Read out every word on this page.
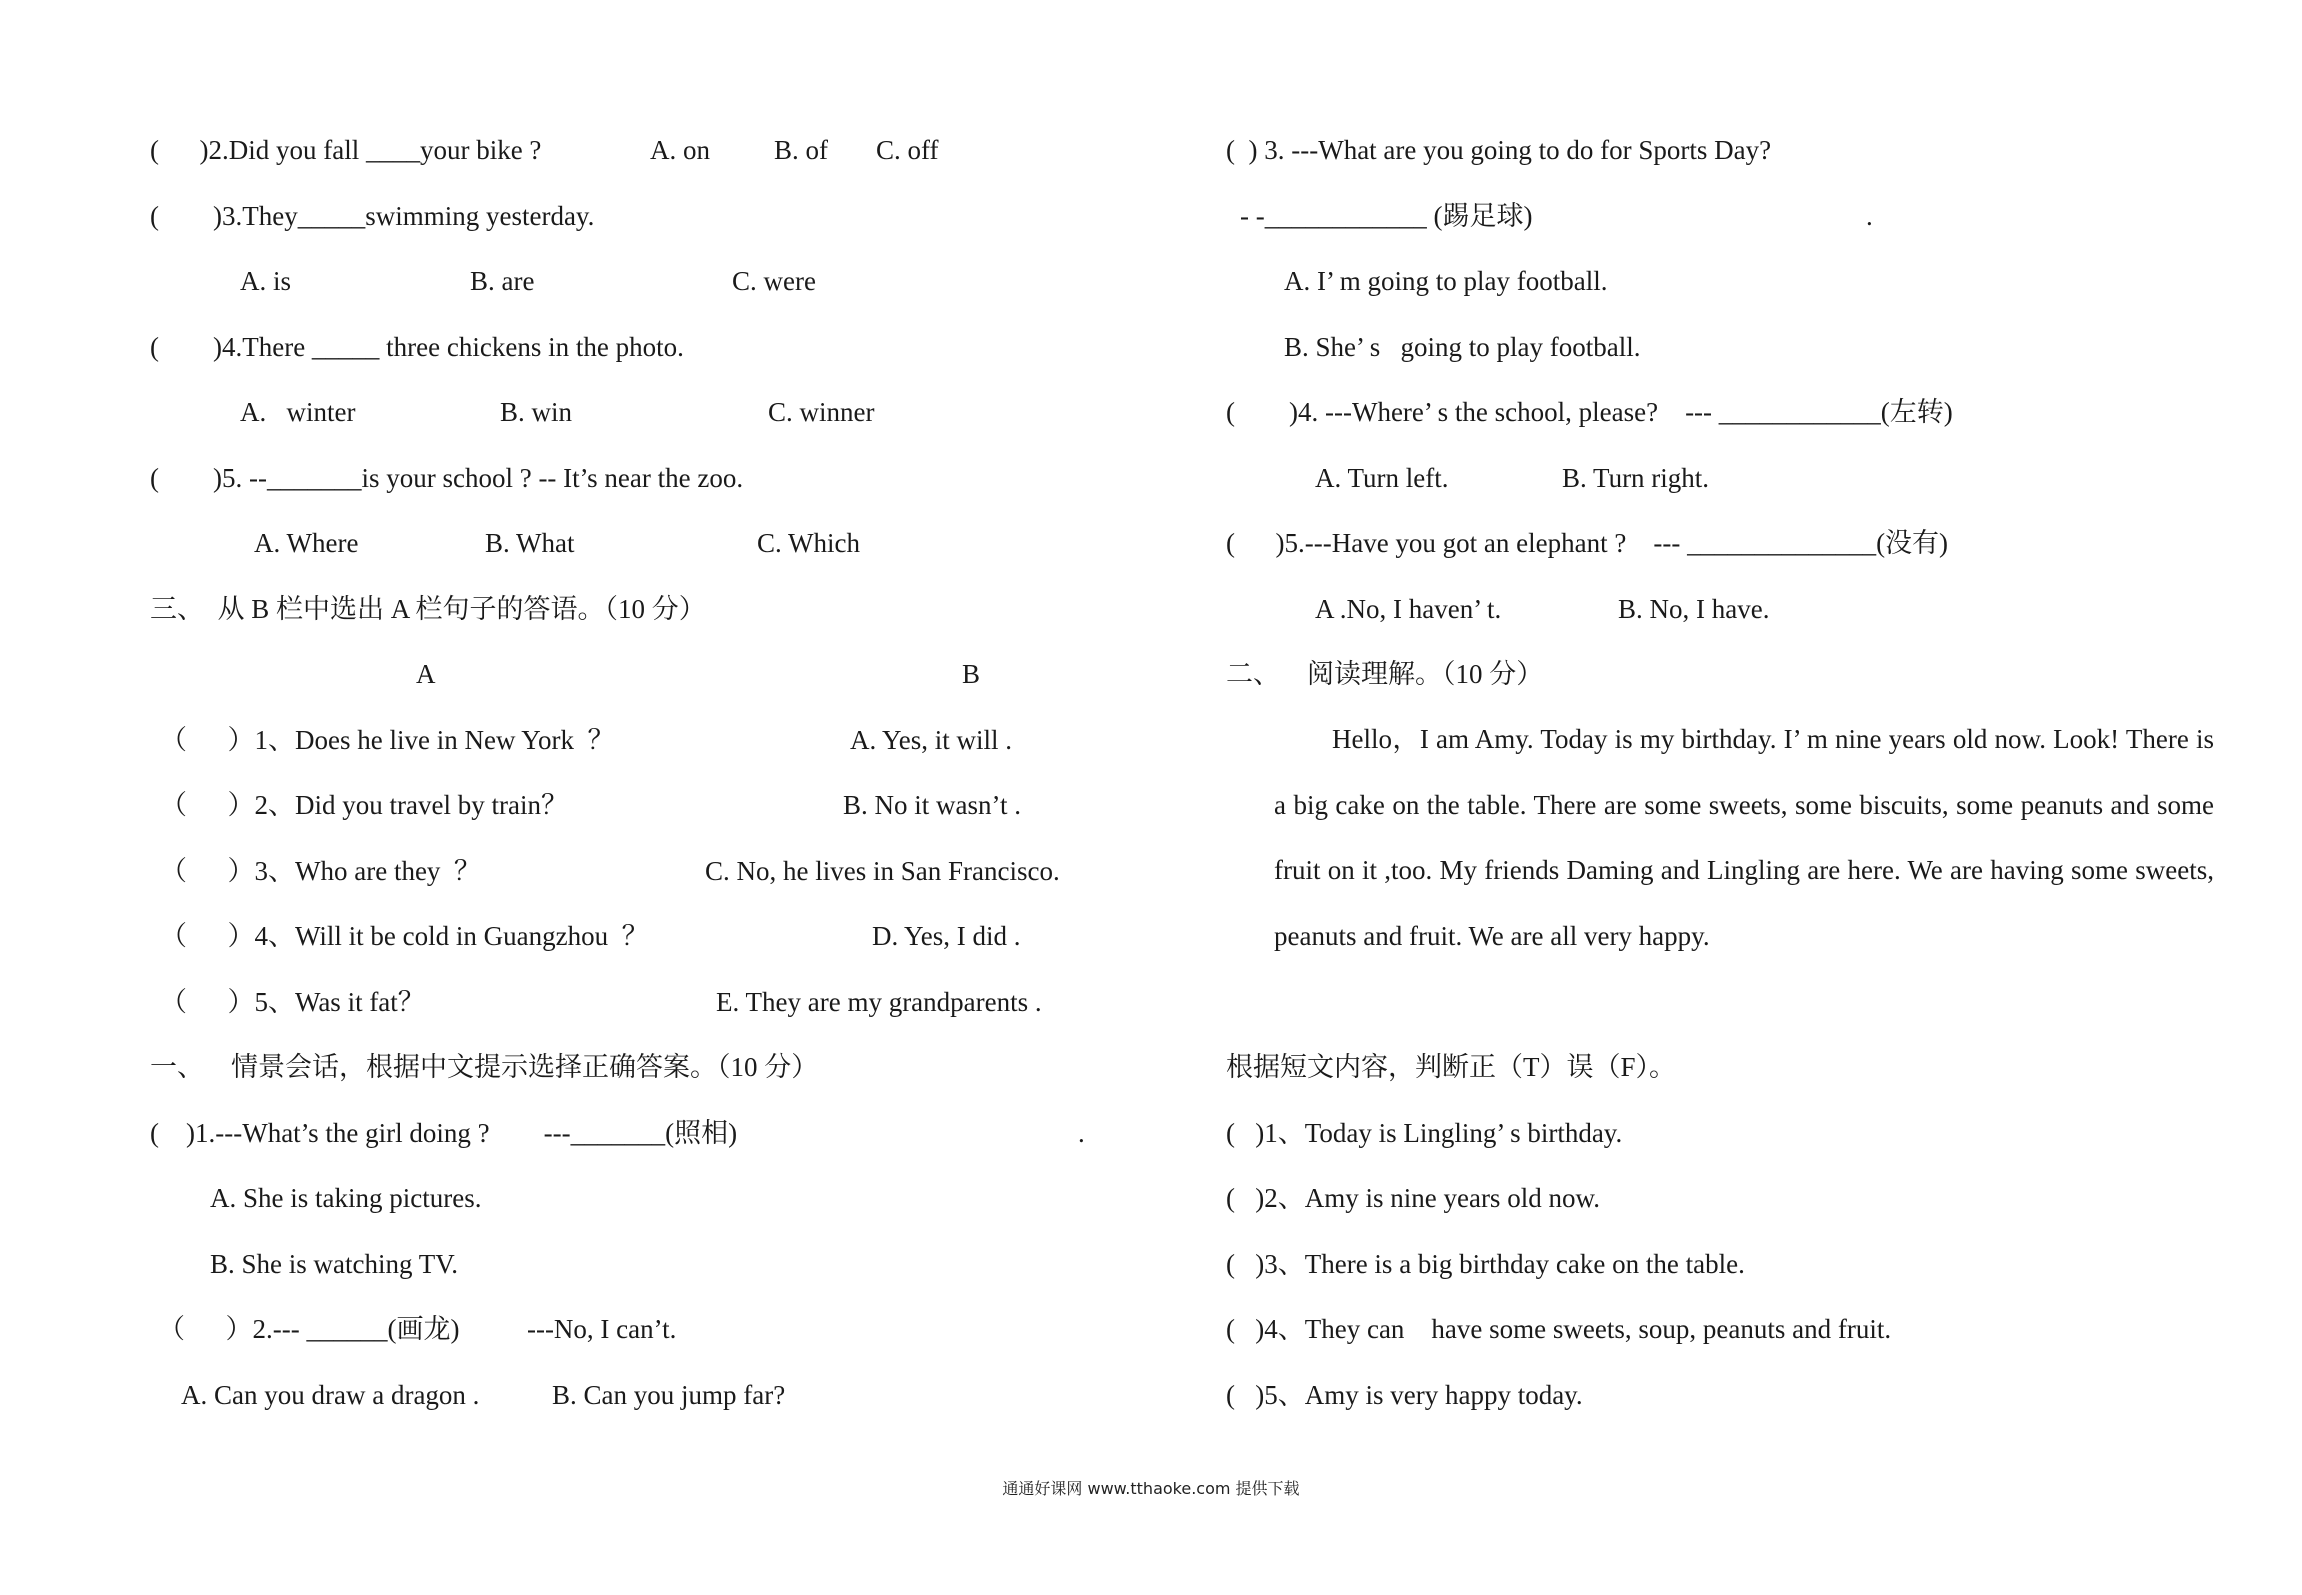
(      )2.Did you fall ____your bike ?	A. on B. of C. off
(        )3.They_____swimming yesterday.
A. is	B. are	C. were
(        )4.There _____ three chickens in the photo.
A.   winter	B. win	C. winner
(        )5. --_______is your school ? -- It’s near the zoo.
A. Where	B. What	C. Which
三、  从 B 栏中选出 A 栏句子的答语。（10 分）
A	B
（      ）1、Does he live in New York  ？	A. Yes, it will .
（      ）2、Did you travel by train？	B. No it wasn’t .
（      ）3、Who are they  ？	C. No, he lives in San Francisco.
（      ）4、Will it be cold in Guangzhou  ？	D. Yes, I did .
（      ）5、Was it fat？	E. They are my grandparents .
一、    情景会话，根据中文提示选择正确答案。（10 分）
(    )1.---What’s the girl doing ?        ---_______(照相)	.
A. She is taking pictures.
B. She is watching TV.
（      ）2.--- ______(画龙)          ---No, I can’t.
A. Can you draw a dragon .	B. Can you jump far?
(  ) 3. ---What are you going to do for Sports Day?
- -____________ (踢足球)	.
A. I’ m going to play football.
B. She’ s   going to play football.
(        )4. ---Where’ s the school, please?    --- ____________(左转)
A. Turn left.	B. Turn right.
(      )5.---Have you got an elephant ?    --- ______________(没有)
A .No, I haven’ t.	B. No, I have.
二、    阅读理解。（10 分）
Hello，I am Amy. Today is my birthday. I’ m nine years old now. Look! There is a big cake on the table. There are some sweets, some biscuits, some peanuts and some fruit on it ,too. My friends Daming and Lingling are here. We are having some sweets, peanuts and fruit. We are all very happy.
根据短文内容，判断正（T）误（F）。
(   )1、Today is Lingling’ s birthday.
(   )2、Amy is nine years old now.
(   )3、There is a big birthday cake on the table.
(   )4、They can    have some sweets, soup, peanuts and fruit.
(   )5、Amy is very happy today.
通通好课网 www.tthaoke.com 提供下载
